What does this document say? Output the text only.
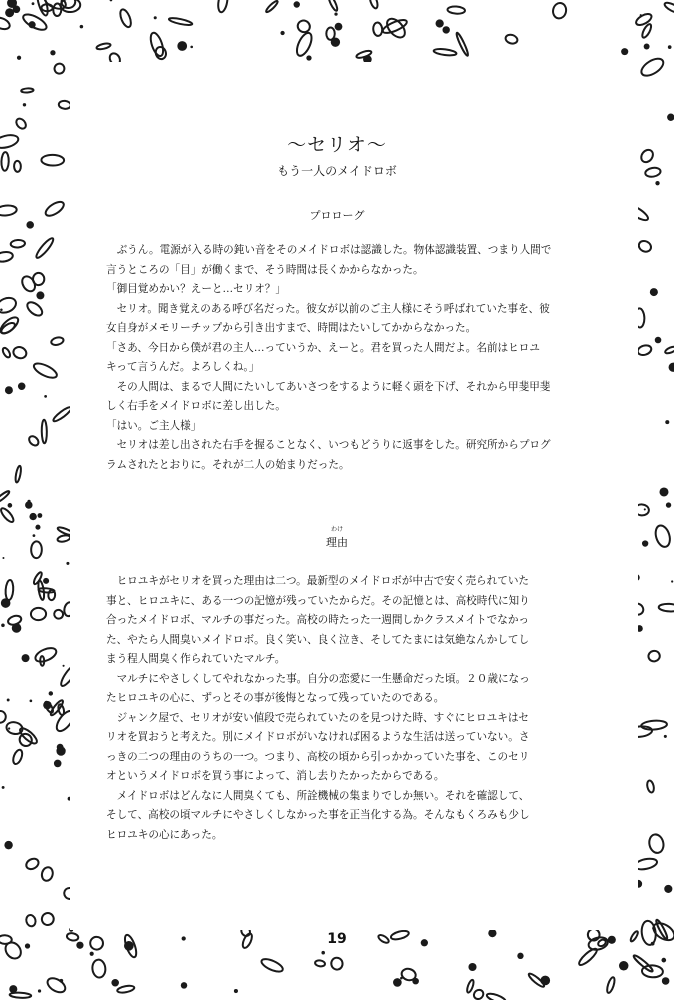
〜セリオ〜
もう一人のメイドロボ
プロローグ

　ぶうん。電源が入る時の鈍い音をそのメイドロボは認識した。物体認識装置、つまり人間で

言うところの「目」が働くまで、そう時間は長くかからなかった。

「御目覚めかい？えーと…セリオ？」

　セリオ。聞き覚えのある呼び名だった。彼女が以前のご主人様にそう呼ばれていた事を、彼

女自身がメモリーチップから引き出すまで、時間はたいしてかからなかった。

「さあ、今日から僕が君の主人…っていうか、えーと。君を買った人間だよ。名前はヒロユ

キって言うんだ。よろしくね。」

　その人間は、まるで人間にたいしてあいさつをするように軽く頭を下げ、それから甲斐甲斐

しく右手をメイドロボに差し出した。

「はい。ご主人様」

　セリオは差し出された右手を握ることなく、いつもどうりに返事をした。研究所からプログ

ラムされたとおりに。それが二人の始まりだった。

わけ
理由

　ヒロユキがセリオを買った理由は二つ。最新型のメイドロボが中古で安く売られていた

事と、ヒロユキに、ある一つの記憶が残っていたからだ。その記憶とは、高校時代に知り

合ったメイドロボ、マルチの事だった。高校の時たった一週間しかクラスメイトでなかっ

た、やたら人間臭いメイドロボ。良く笑い、良く泣き、そしてたまには気絶なんかしてし

まう程人間臭く作られていたマルチ。

　マルチにやさしくしてやれなかった事。自分の恋愛に一生懸命だった頃。２０歳になっ

たヒロユキの心に、ずっとその事が後悔となって残っていたのである。

　ジャンク屋で、セリオが安い値段で売られていたのを見つけた時、すぐにヒロユキはセ

リオを買おうと考えた。別にメイドロボがいなければ困るような生活は送っていない。さ

っきの二つの理由のうちの一つ。つまり、高校の頃から引っかかっていた事を、このセリ

オというメイドロボを買う事によって、消し去りたかったからである。

　メイドロボはどんなに人間臭くても、所詮機械の集まりでしか無い。それを確認して、

そして、高校の頃マルチにやさしくしなかった事を正当化する為。そんなもくろみも少し

ヒロユキの心にあった。

19
